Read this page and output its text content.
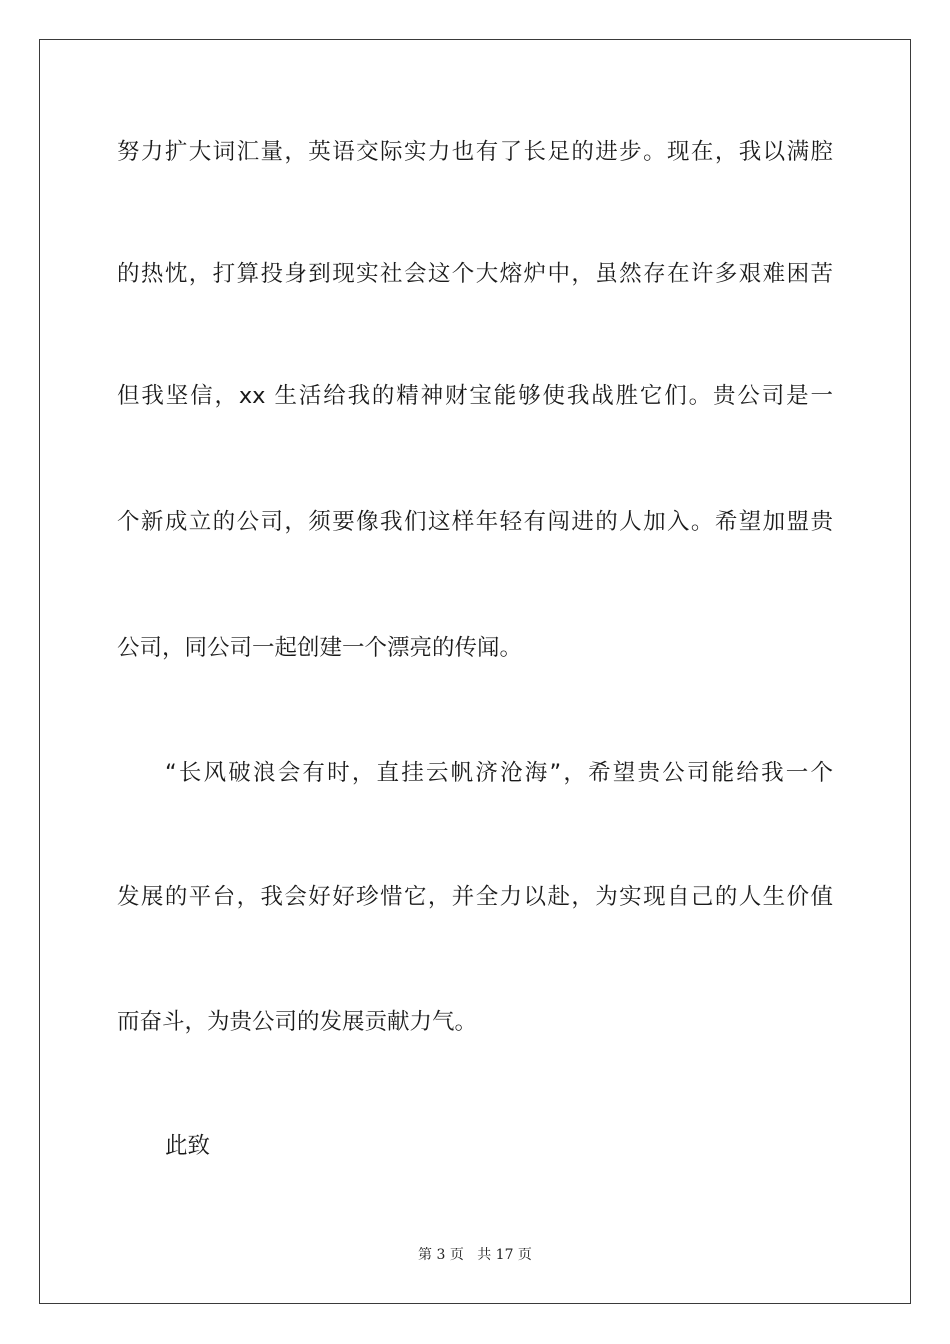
努力扩大词汇量，英语交际实力也有了长足的进步。现在，我以满腔
的热忱，打算投身到现实社会这个大熔炉中，虽然存在许多艰难困苦
但我坚信，xx 生活给我的精神财宝能够使我战胜它们。贵公司是一
个新成立的公司，须要像我们这样年轻有闯进的人加入。希望加盟贵
公司，同公司一起创建一个漂亮的传闻。
“长风破浪会有时，直挂云帆济沧海”，希望贵公司能给我一个
发展的平台，我会好好珍惜它，并全力以赴，为实现自己的人生价值
而奋斗，为贵公司的发展贡献力气。
此致
第 3 页 共 17 页
